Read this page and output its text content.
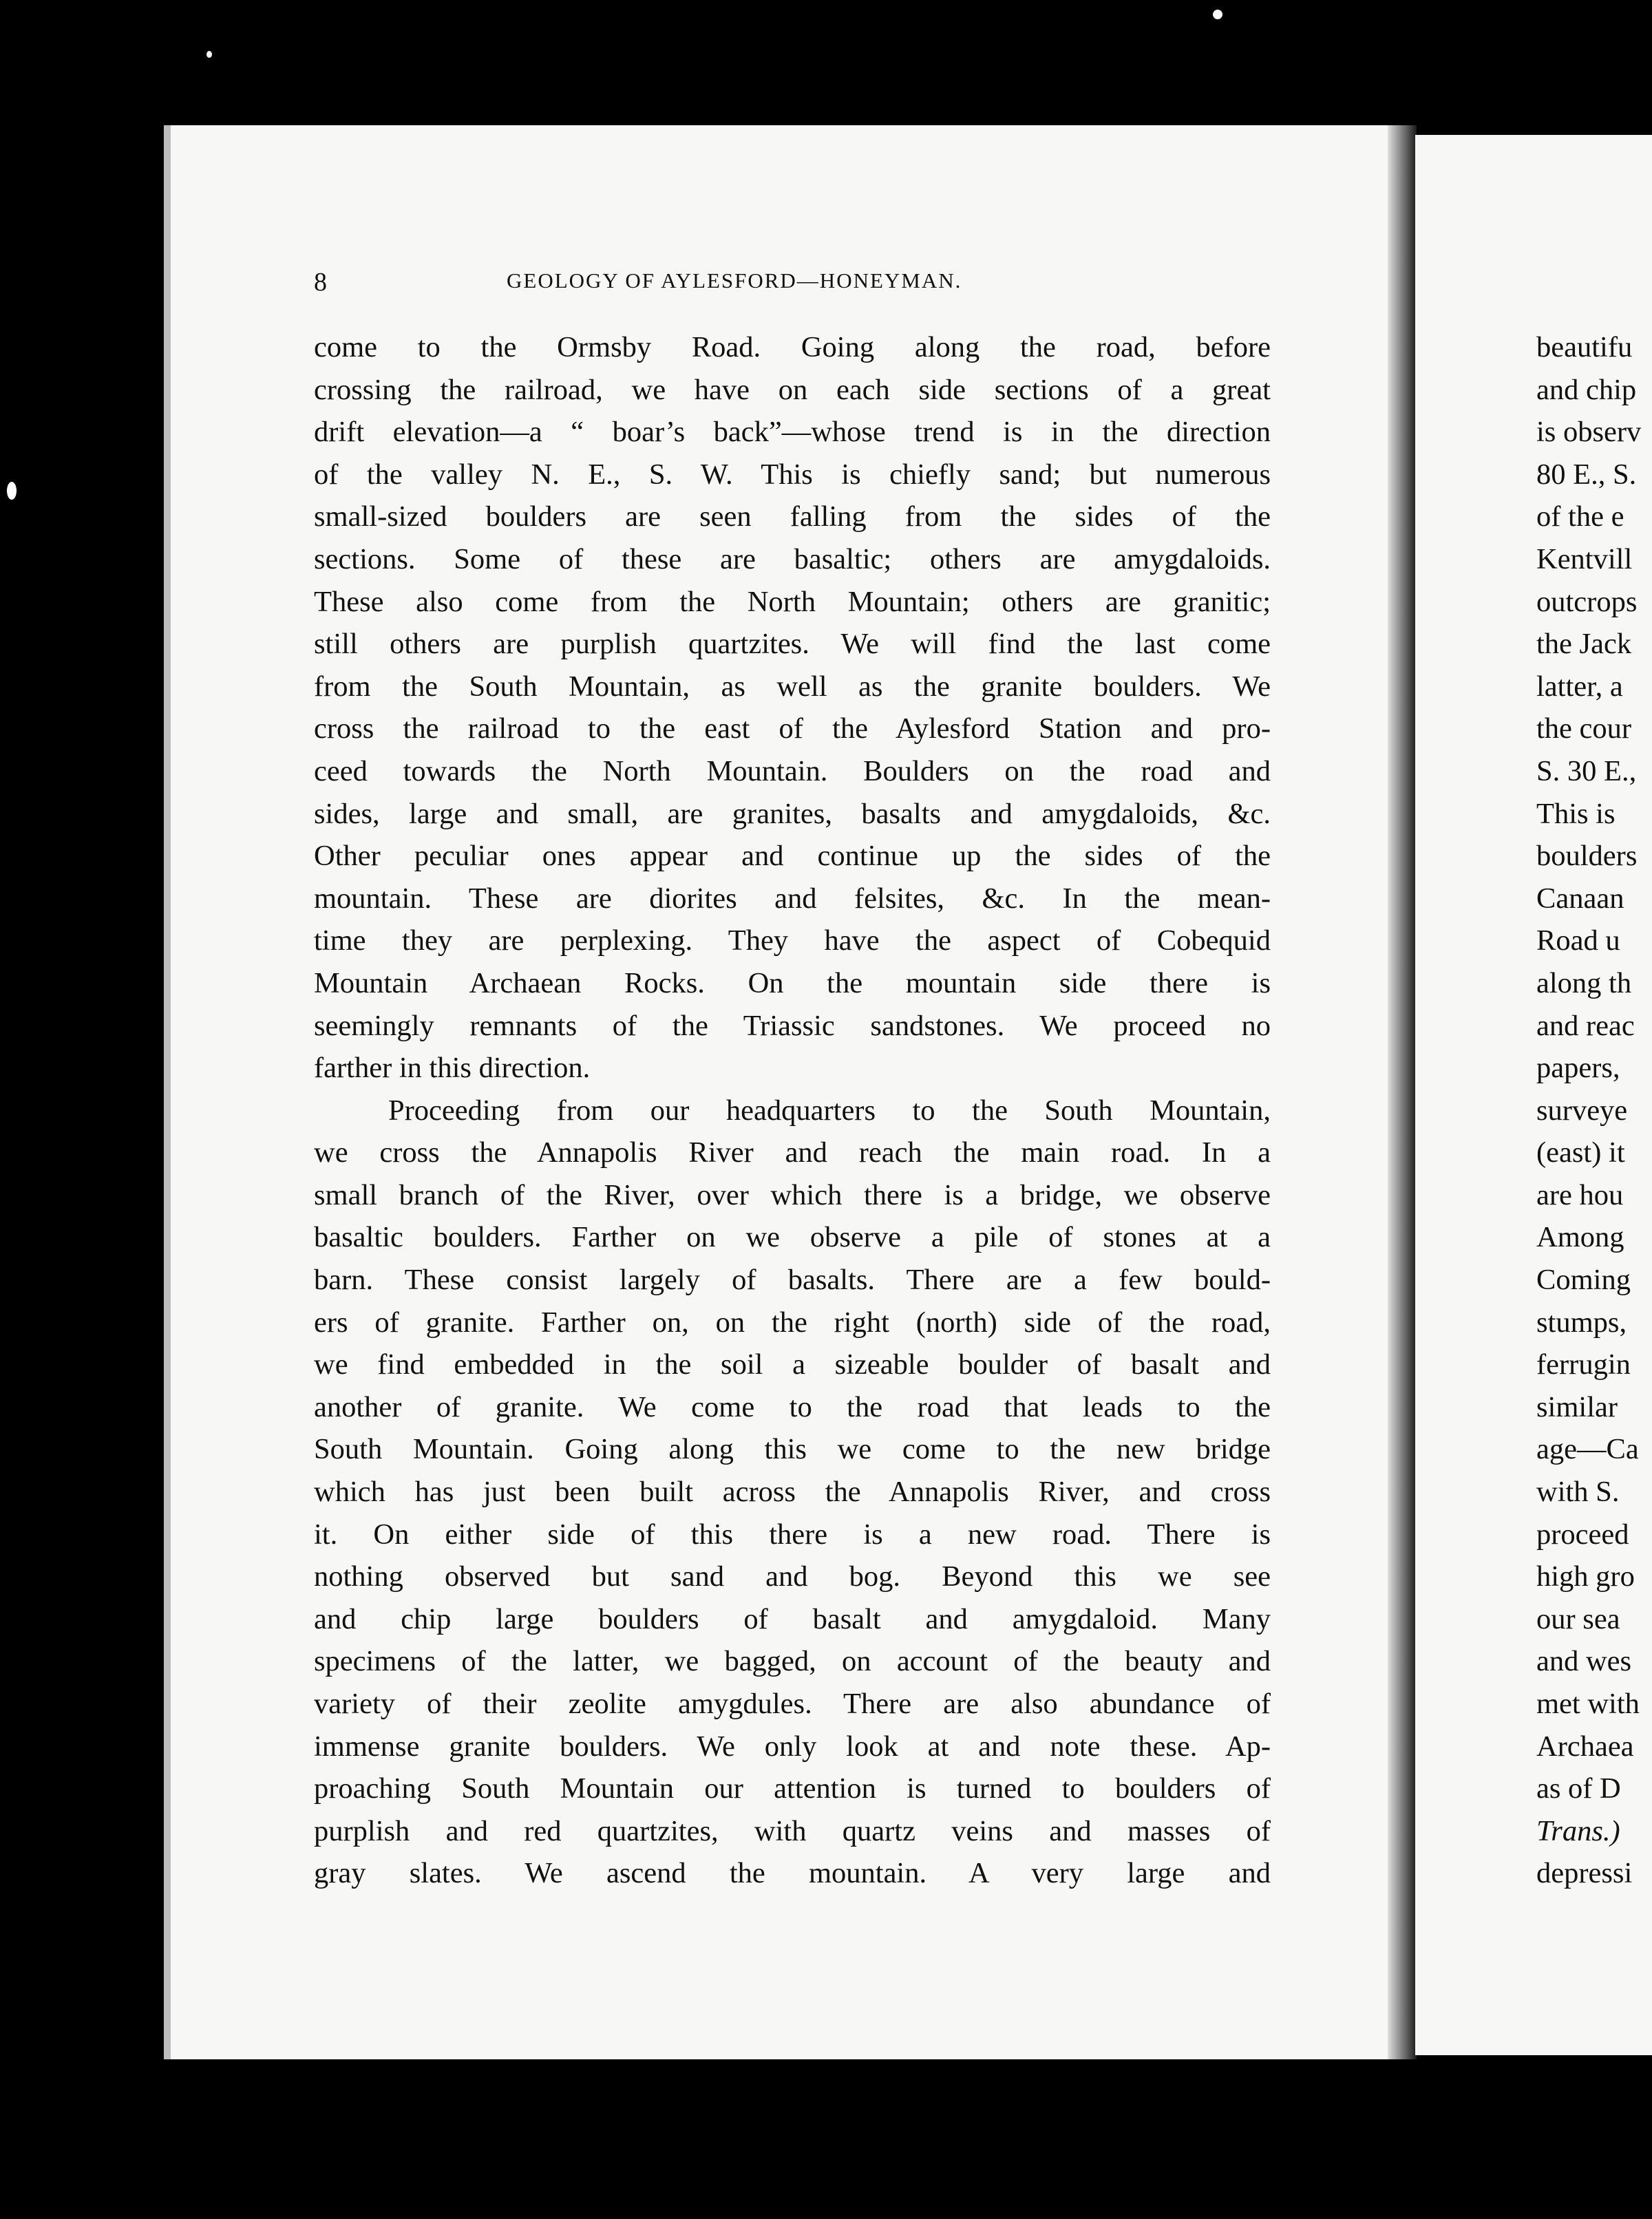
8	GEOLOGY OF AYLESFORD—HONEYMAN.
come to the Ormsby Road. Going along the road, before
crossing the railroad, we have on each side sections of a great
drift elevation—a “ boar’s back”—whose trend is in the direction
of the valley N. E., S. W. This is chiefly sand; but numerous
small-sized boulders are seen falling from the sides of the
sections. Some of these are basaltic; others are amygdaloids.
These also come from the North Mountain; others are granitic;
still others are purplish quartzites. We will find the last come
from the South Mountain, as well as the granite boulders. We
cross the railroad to the east of the Aylesford Station and pro-
ceed towards the North Mountain. Boulders on the road and
sides, large and small, are granites, basalts and amygdaloids, &c.
Other peculiar ones appear and continue up the sides of the
mountain. These are diorites and felsites, &c. In the mean-
time they are perplexing. They have the aspect of Cobequid
Mountain Archaean Rocks. On the mountain side there is
seemingly remnants of the Triassic sandstones. We proceed no
farther in this direction.
Proceeding from our headquarters to the South Mountain,
we cross the Annapolis River and reach the main road. In a
small branch of the River, over which there is a bridge, we observe
basaltic boulders. Farther on we observe a pile of stones at a
barn. These consist largely of basalts. There are a few bould-
ers of granite. Farther on, on the right (north) side of the road,
we find embedded in the soil a sizeable boulder of basalt and
another of granite. We come to the road that leads to the
South Mountain. Going along this we come to the new bridge
which has just been built across the Annapolis River, and cross
it. On either side of this there is a new road. There is
nothing observed but sand and bog. Beyond this we see
and chip large boulders of basalt and amygdaloid. Many
specimens of the latter, we bagged, on account of the beauty and
variety of their zeolite amygdules. There are also abundance of
immense granite boulders. We only look at and note these. Ap-
proaching South Mountain our attention is turned to boulders of
purplish and red quartzites, with quartz veins and masses of
gray slates. We ascend the mountain. A very large and
beautifu
and chip
is observ
80 E., S.
of the e
Kentvill
outcrops
the Jack
latter, a
the cour
S. 30 E.,
This is
boulders
Canaan
Road u
along th
and reac
papers,
surveye
(east) it
are hou
Among
Coming
stumps,
ferrugin
similar
age—Ca
with S.
proceed
high gro
our sea
and wes
met with
Archaea
as of D
Trans.)
depressi
